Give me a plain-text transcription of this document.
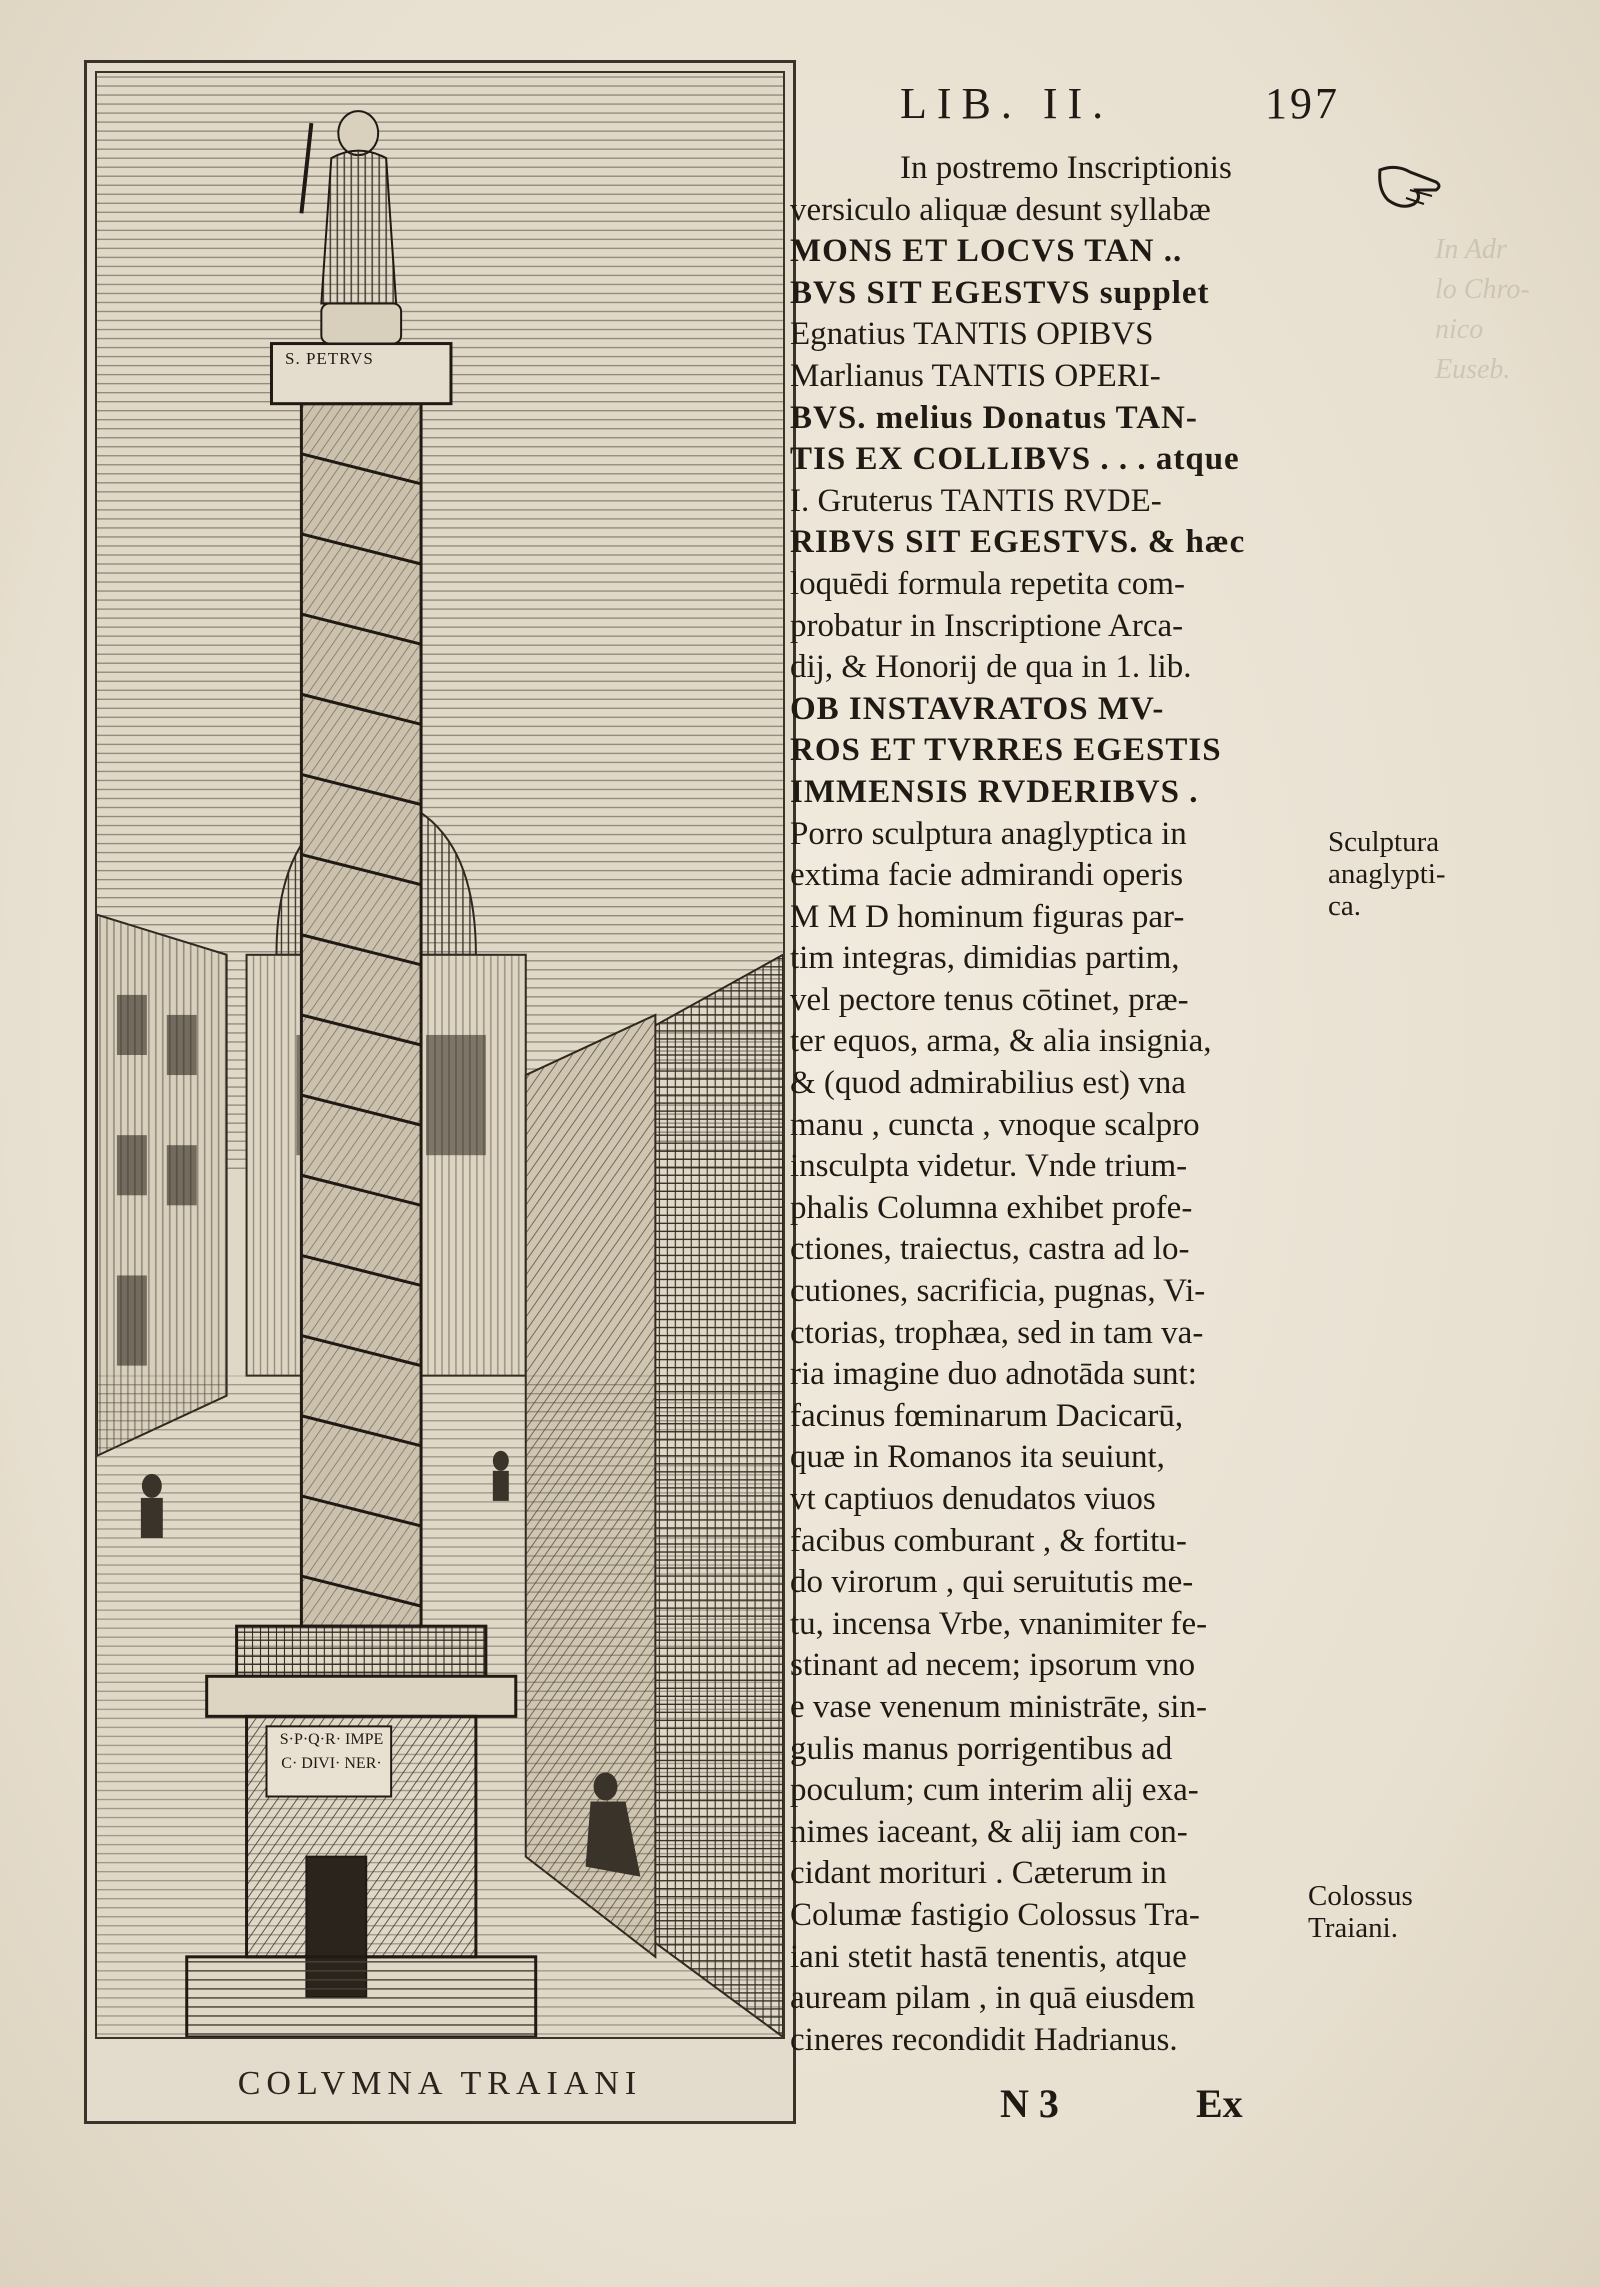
In Adr
lo Chro-
nico
Euseb.
S. PETRVS
S·P·Q·R· IMPE
C· DIVI· NER·
COLVMNA TRAIANI
LIB. II.	197
In postremo Inscriptionis
versiculo aliquæ desunt syllabæ
MONS ET LOCVS TAN ..
BVS SIT EGESTVS supplet
Egnatius TANTIS OPIBVS
Marlianus TANTIS OPERI-
BVS. melius Donatus TAN-
TIS EX COLLIBVS . . . atque
I. Gruterus TANTIS RVDE-
RIBVS SIT EGESTVS. & hæc
loquēdi formula repetita com-
probatur in Inscriptione Arca-
dij, & Honorij de qua in 1. lib.
OB INSTAVRATOS MV-
ROS ET TVRRES EGESTIS
IMMENSIS RVDERIBVS .
Porro sculptura anaglyptica in
extima facie admirandi operis
M M D hominum figuras par-
tim integras, dimidias partim,
vel pectore tenus cōtinet, præ-
ter equos, arma, & alia insignia,
& (quod admirabilius est) vna
manu , cuncta , vnoque scalpro
insculpta videtur. Vnde trium-
phalis Columna exhibet profe-
ctiones, traiectus, castra ad lo-
cutiones, sacrificia, pugnas, Vi-
ctorias, trophæa, sed in tam va-
ria imagine duo adnotāda sunt:
facinus fœminarum Dacicarū,
quæ in Romanos ita seuiunt,
vt captiuos denudatos viuos
facibus comburant , & fortitu-
do virorum , qui seruitutis me-
tu, incensa Vrbe, vnanimiter fe-
stinant ad necem; ipsorum vno
e vase venenum ministrāte, sin-
gulis manus porrigentibus ad
poculum; cum interim alij exa-
nimes iaceant, & alij iam con-
cidant morituri . Cæterum in
Columæ fastigio Colossus Tra-
iani stetit hastā tenentis, atque
auream pilam , in quā eiusdem
cineres recondidit Hadrianus.
Sculptura
anaglypti-
ca.
Colossus
Traiani.
N 3	Ex
